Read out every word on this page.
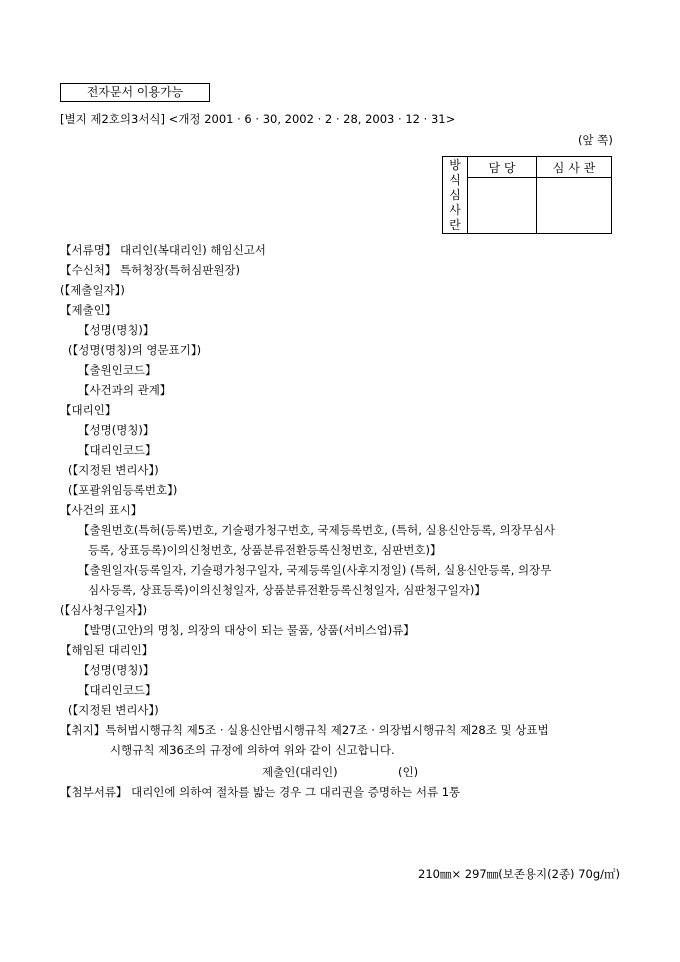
전자문서 이용가능
[별지 제2호의3서식] <개정 2001 · 6 · 30, 2002 · 2 · 28, 2003 · 12 · 31>
(앞 쪽)
방
식
심
사
란	담 당	심 사 관

【서류명】 대리인(복대리인) 해임신고서
【수신처】 특허청장(특허심판원장)
(【제출일자】)
【제출인】
【성명(명칭)】
(【성명(명칭)의 영문표기】)
【출원인코드】
【사건과의 관계】
【대리인】
【성명(명칭)】
【대리인코드】
(【지정된 변리사】)
(【포괄위임등록번호】)
【사건의 표시】
【출원번호(특허(등록)번호, 기술평가청구번호, 국제등록번호, (특허, 실용신안등록, 의장무심사
등록, 상표등록)이의신청번호, 상품분류전환등록신청번호, 심판번호)】
【출원일자(등록일자, 기술평가청구일자, 국제등록일(사후지정일) (특허, 실용신안등록, 의장무
심사등록, 상표등록)이의신청일자, 상품분류전환등록신청일자, 심판청구일자)】
(【심사청구일자】)
【발명(고안)의 명칭, 의장의 대상이 되는 물품, 상품(서비스업)류】
【해임된 대리인】
【성명(명칭)】
【대리인코드】
(【지정된 변리사】)
【취지】특허법시행규칙 제5조 · 실용신안법시행규칙 제27조 · 의장법시행규칙 제28조 및 상표법
시행규칙 제36조의 규정에 의하여 위와 같이 신고합니다.
제출인(대리인)	(인)
【첨부서류】 대리인에 의하여 절차를 밟는 경우 그 대리권을 증명하는 서류 1통
210㎜× 297㎜(보존용지(2종) 70g/㎡)
